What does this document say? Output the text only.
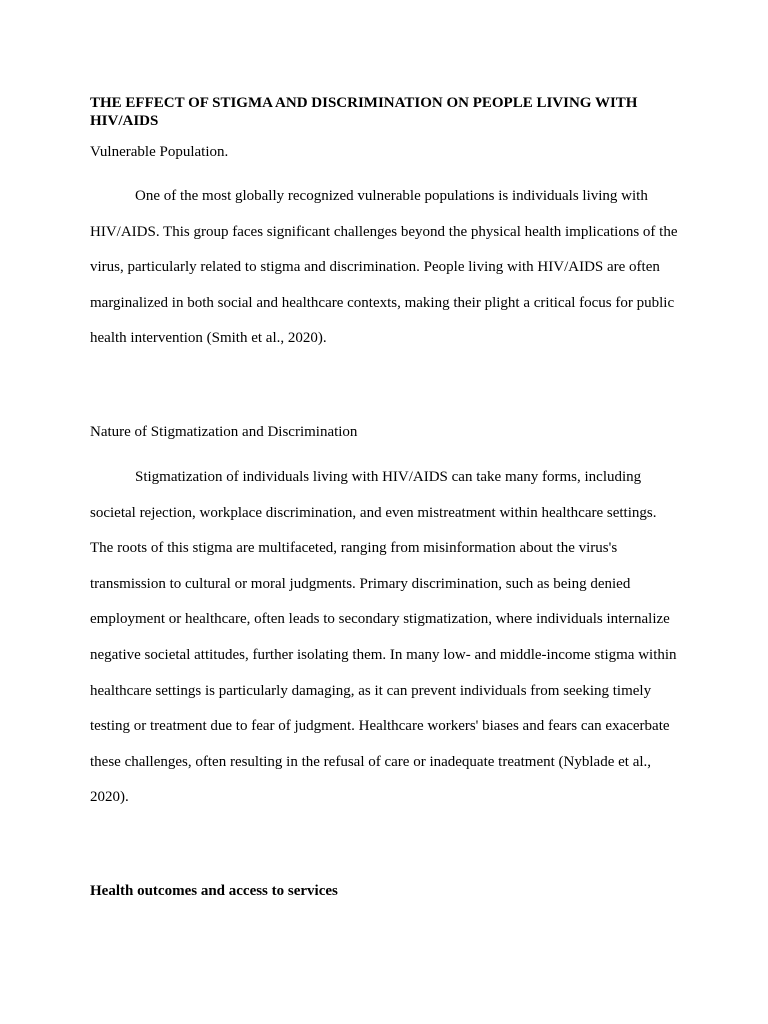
THE EFFECT OF STIGMA AND DISCRIMINATION ON PEOPLE LIVING WITH HIV/AIDS
Vulnerable Population.

One of the most globally recognized vulnerable populations is individuals living with HIV/AIDS. This group faces significant challenges beyond the physical health implications of the virus, particularly related to stigma and discrimination. People living with HIV/AIDS are often marginalized in both social and healthcare contexts, making their plight a critical focus for public health intervention (Smith et al., 2020).

Nature of Stigmatization and Discrimination

Stigmatization of individuals living with HIV/AIDS can take many forms, including societal rejection, workplace discrimination, and even mistreatment within healthcare settings. The roots of this stigma are multifaceted, ranging from misinformation about the virus's transmission to cultural or moral judgments. Primary discrimination, such as being denied employment or healthcare, often leads to secondary stigmatization, where individuals internalize negative societal attitudes, further isolating them. In many low- and middle-income stigma within healthcare settings is particularly damaging, as it can prevent individuals from seeking timely testing or treatment due to fear of judgment. Healthcare workers' biases and fears can exacerbate these challenges, often resulting in the refusal of care or inadequate treatment (Nyblade et al., 2020).

Health outcomes and access to services
